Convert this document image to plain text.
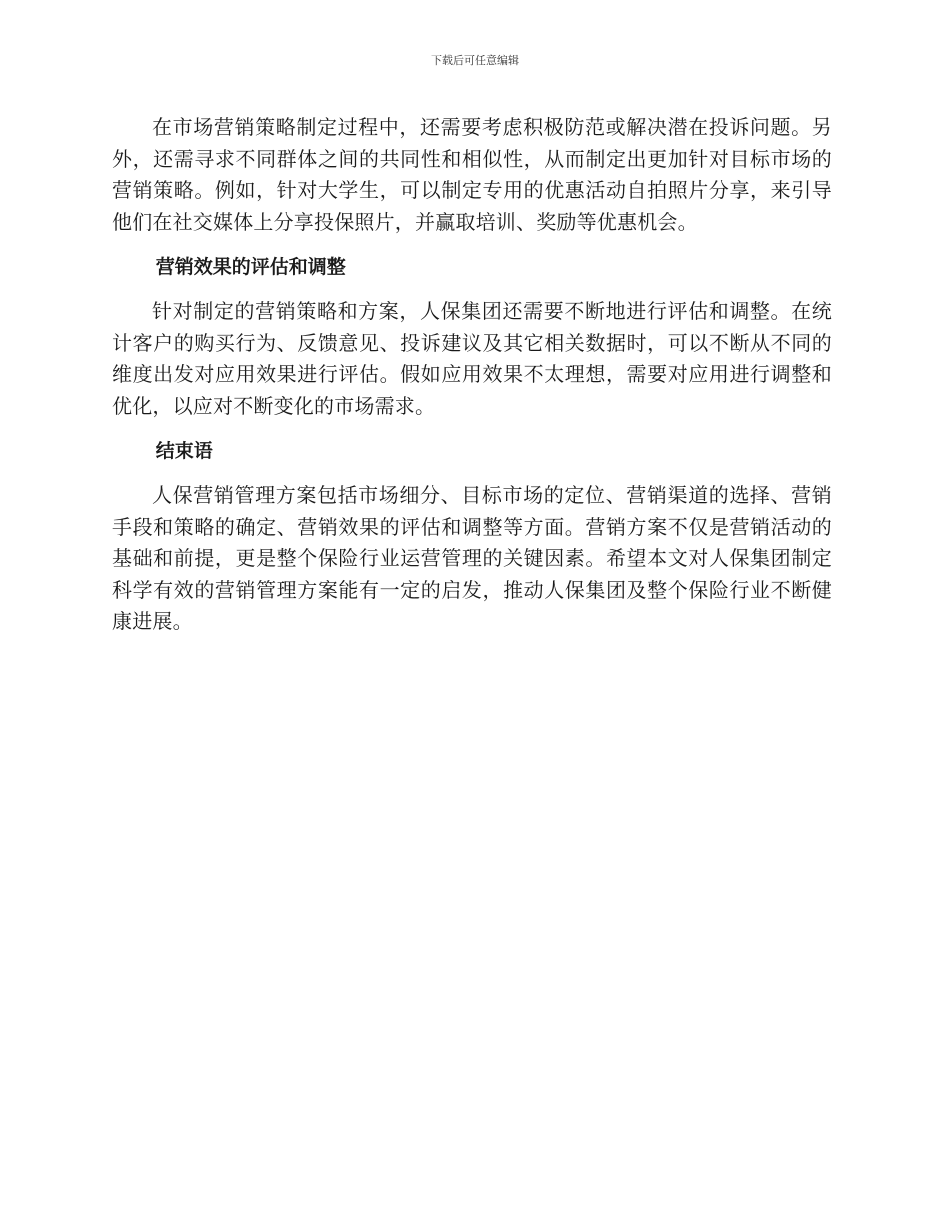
下载后可任意编辑

在市场营销策略制定过程中，还需要考虑积极防范或解决潜在投诉问题。另外，还需寻求不同群体之间的共同性和相似性，从而制定出更加针对目标市场的营销策略。例如，针对大学生，可以制定专用的优惠活动自拍照片分享，来引导他们在社交媒体上分享投保照片，并赢取培训、奖励等优惠机会。

营销效果的评估和调整

针对制定的营销策略和方案，人保集团还需要不断地进行评估和调整。在统计客户的购买行为、反馈意见、投诉建议及其它相关数据时，可以不断从不同的维度出发对应用效果进行评估。假如应用效果不太理想，需要对应用进行调整和优化，以应对不断变化的市场需求。

结束语

人保营销管理方案包括市场细分、目标市场的定位、营销渠道的选择、营销手段和策略的确定、营销效果的评估和调整等方面。营销方案不仅是营销活动的基础和前提，更是整个保险行业运营管理的关键因素。希望本文对人保集团制定科学有效的营销管理方案能有一定的启发，推动人保集团及整个保险行业不断健康进展。
